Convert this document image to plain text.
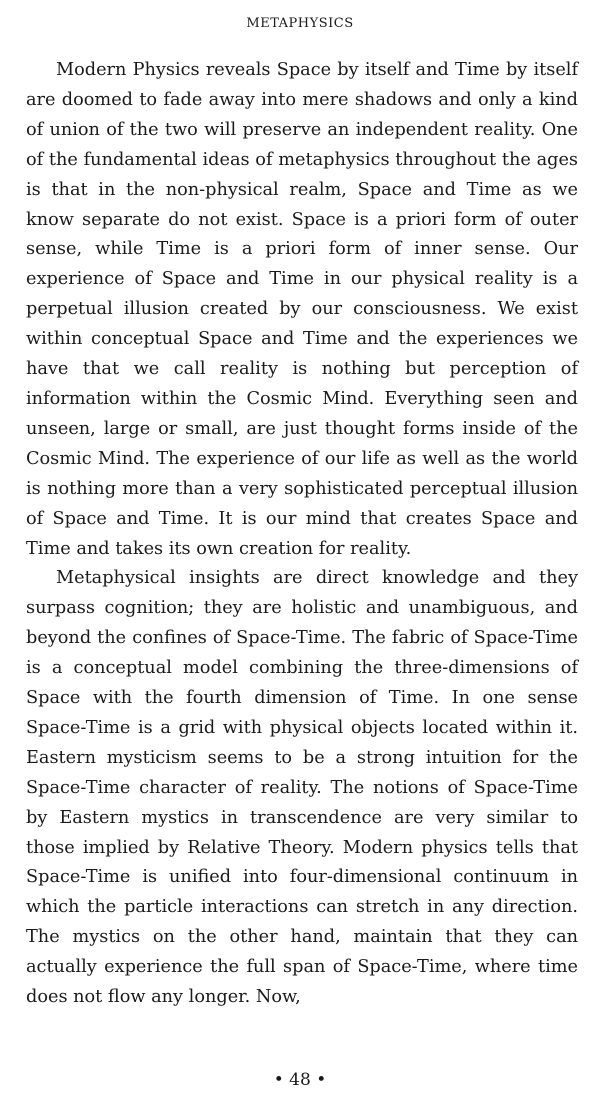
METAPHYSICS

Modern Physics reveals Space by itself and Time by itself are doomed to fade away into mere shadows and only a kind of union of the two will preserve an independent reality. One of the fundamental ideas of metaphysics throughout the ages is that in the non-physical realm, Space and Time as we know separate do not exist. Space is a priori form of outer sense, while Time is a priori form of inner sense. Our experience of Space and Time in our physical reality is a perpetual illusion created by our consciousness. We exist within conceptual Space and Time and the experiences we have that we call reality is nothing but perception of information within the Cosmic Mind. Everything seen and unseen, large or small, are just thought forms inside of the Cosmic Mind. The experience of our life as well as the world is nothing more than a very sophisticated perceptual illusion of Space and Time. It is our mind that creates Space and Time and takes its own creation for reality.

Metaphysical insights are direct knowledge and they surpass cognition; they are holistic and unambiguous, and beyond the confines of Space-Time. The fabric of Space-Time is a conceptual model combining the three-dimensions of Space with the fourth dimension of Time. In one sense Space-Time is a grid with physical objects located within it. Eastern mysticism seems to be a strong intuition for the Space-Time character of reality. The notions of Space-Time by Eastern mystics in transcendence are very similar to those implied by Relative Theory. Modern physics tells that Space-Time is unified into four-dimensional continuum in which the particle interactions can stretch in any direction. The mystics on the other hand, maintain that they can actually experience the full span of Space-Time, where time does not flow any longer. Now,

• 48 •
